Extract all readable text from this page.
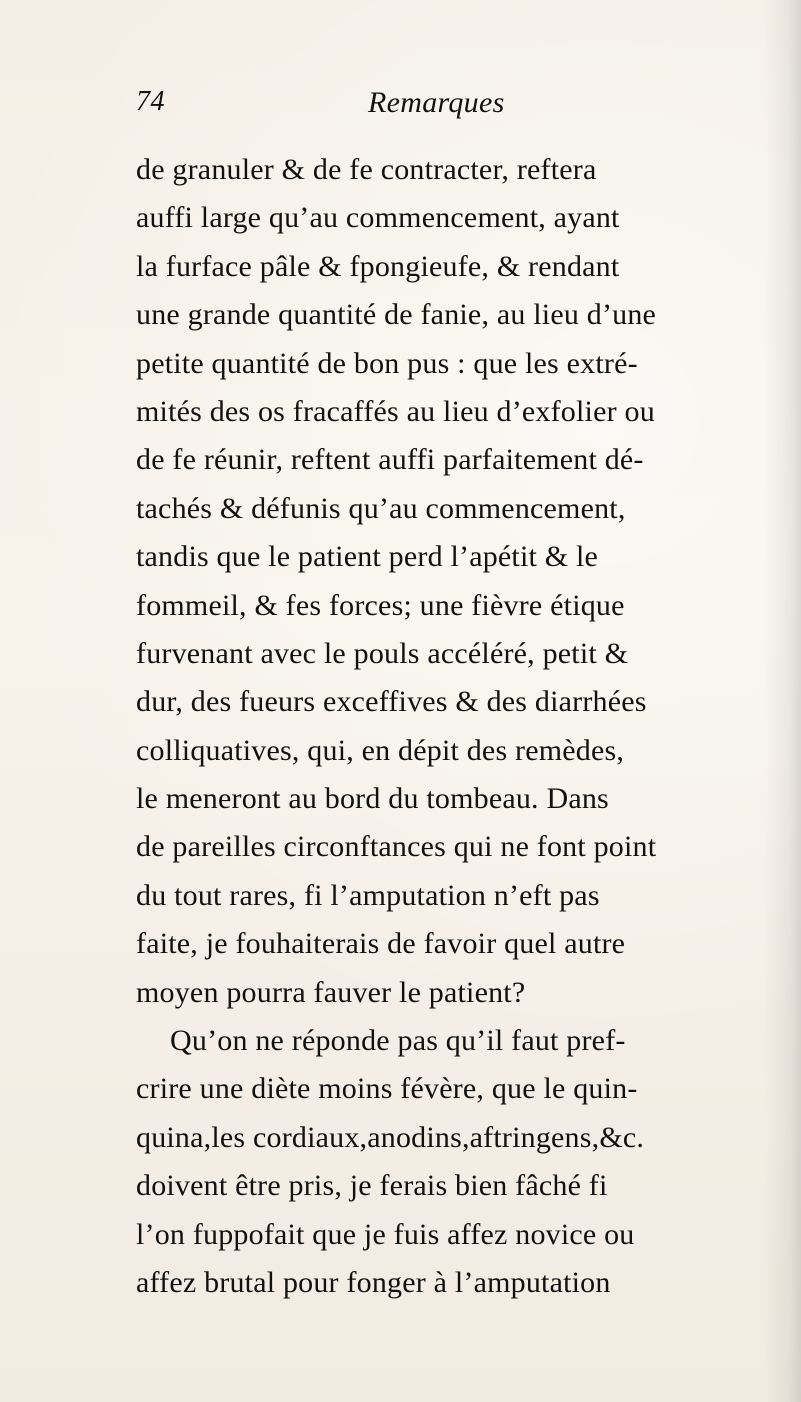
74	Remarques
de granuler & de fe contracter, reftera
auffi large qu’au commencement, ayant
la furface pâle & fpongieufe, & rendant
une grande quantité de fanie, au lieu d’une
petite quantité de bon pus : que les extré-
mités des os fracaffés au lieu d’exfolier ou
de fe réunir, reftent auffi parfaitement dé-
tachés & défunis qu’au commencement,
tandis que le patient perd l’apétit & le
fommeil, & fes forces; une fièvre étique
furvenant avec le pouls accéléré, petit &
dur, des fueurs exceffives & des diarrhées
colliquatives, qui, en dépit des remèdes,
le meneront au bord du tombeau. Dans
de pareilles circonftances qui ne font point
du tout rares, fi l’amputation n’eft pas
faite, je fouhaiterais de favoir quel autre
moyen pourra fauver le patient?
Qu’on ne réponde pas qu’il faut pref-
crire une diète moins févère, que le quin-
quina,les cordiaux,anodins,aftringens,&c.
doivent être pris, je ferais bien fâché fi
l’on fuppofait que je fuis affez novice ou
affez brutal pour fonger à l’amputation
